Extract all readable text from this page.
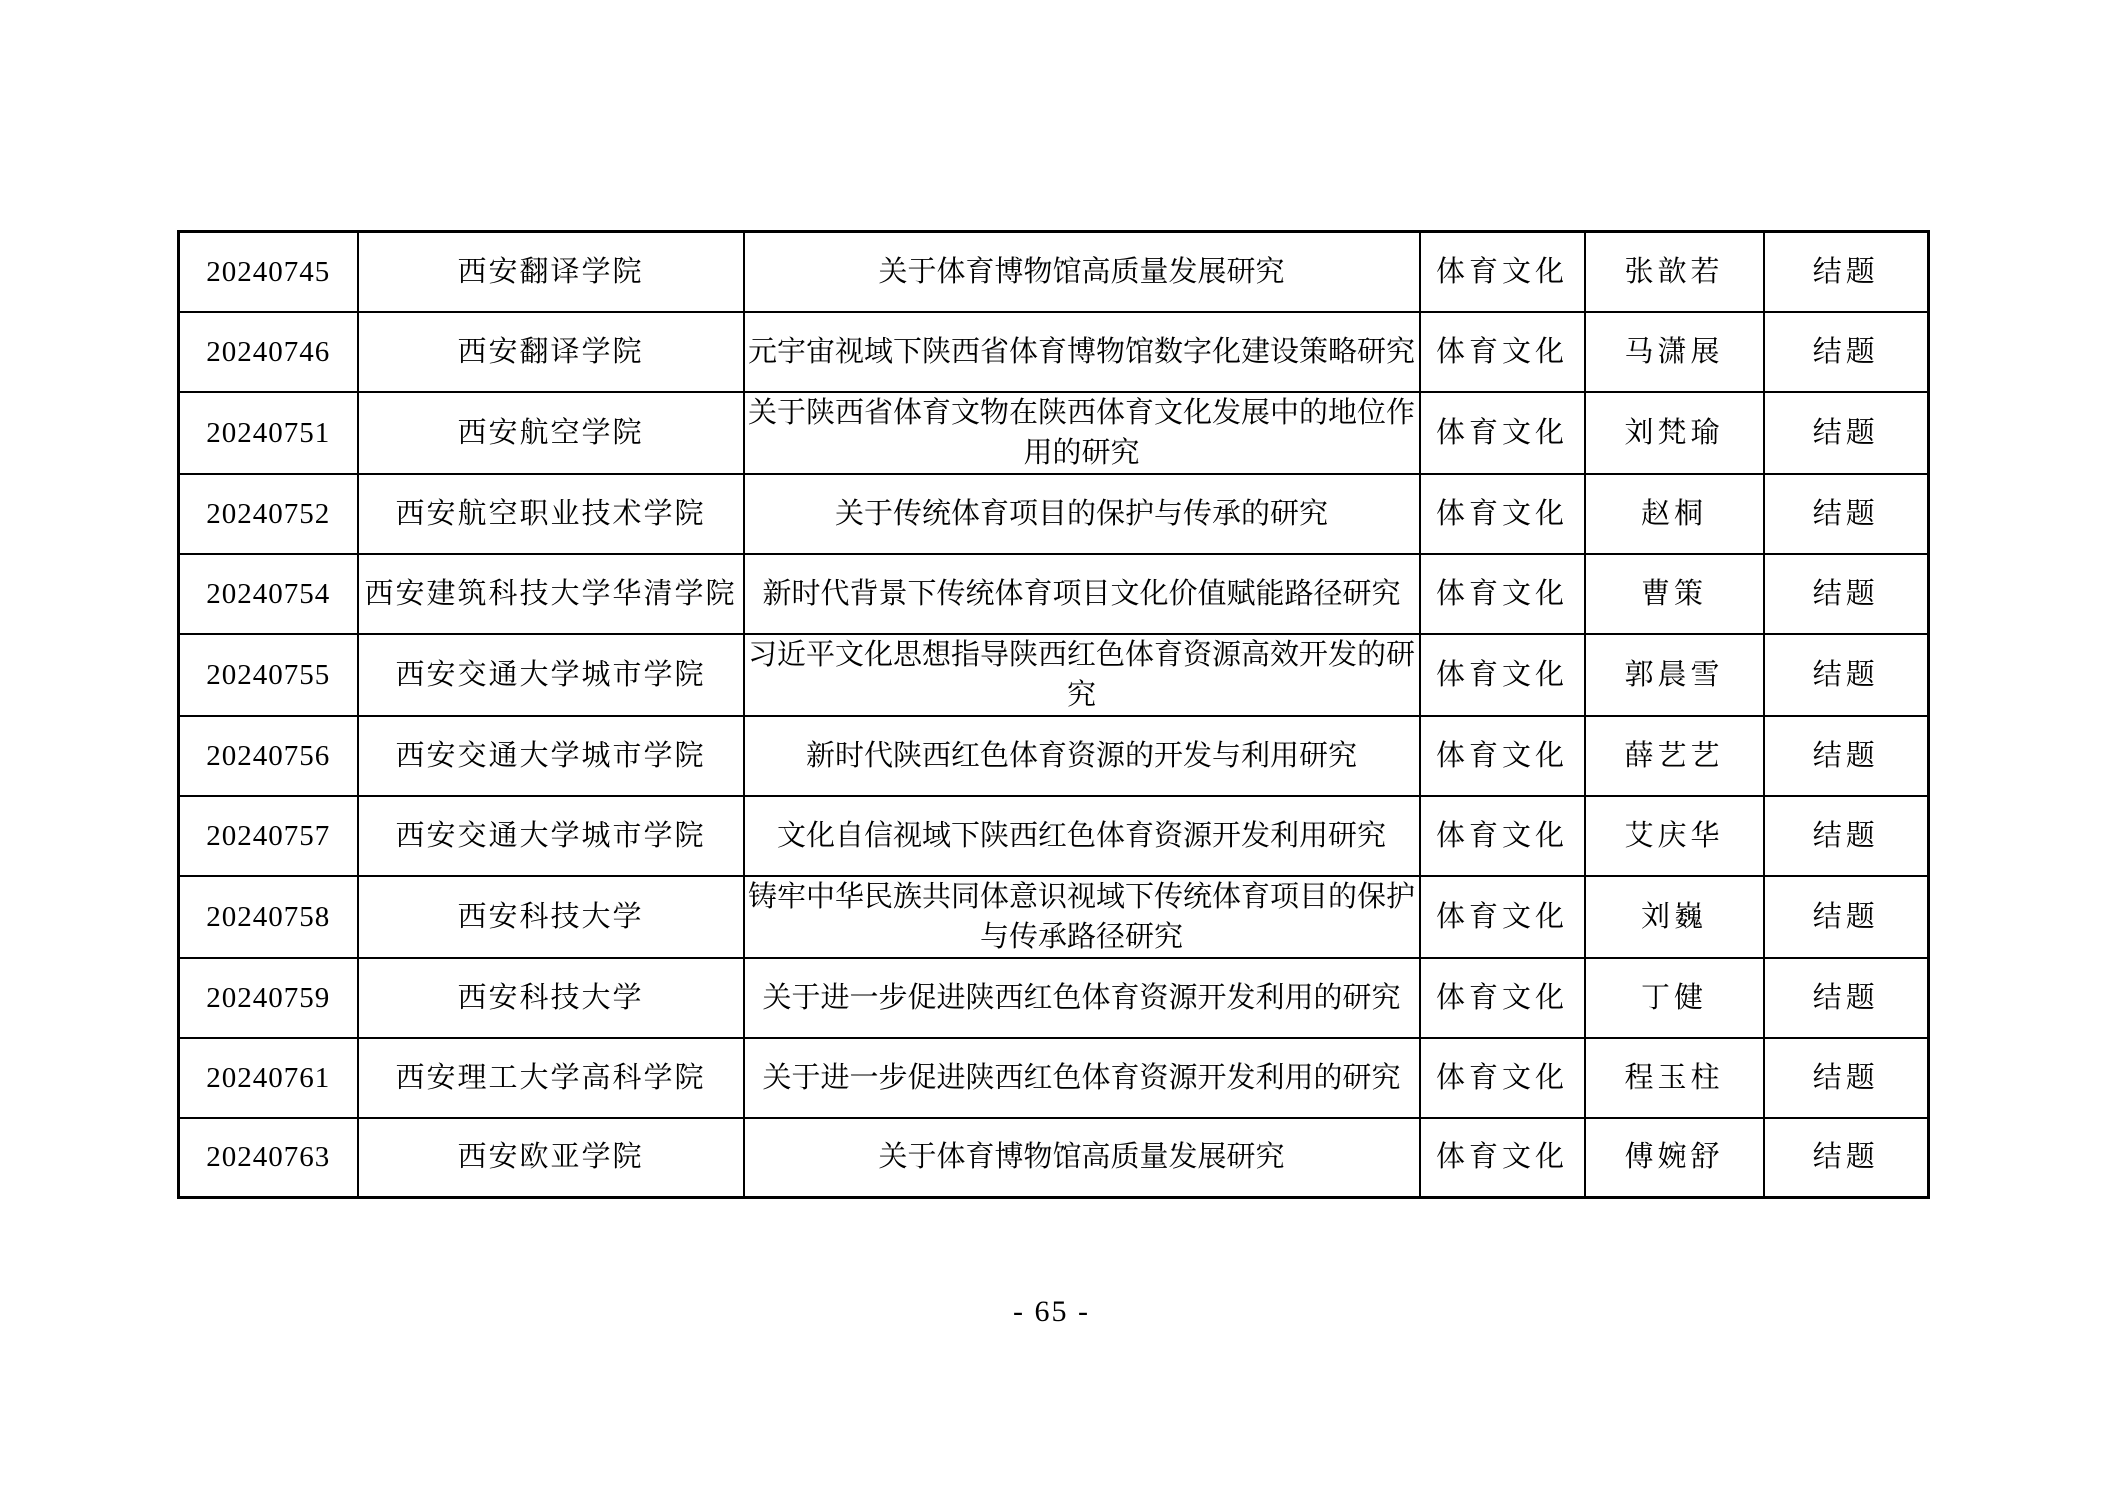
20240745	西安翻译学院	关于体育博物馆高质量发展研究	体育文化	张歆若	结题
20240746	西安翻译学院	元宇宙视域下陕西省体育博物馆数字化建设策略研究	体育文化	马潇展	结题
20240751	西安航空学院	关于陕西省体育文物在陕西体育文化发展中的地位作用的研究	体育文化	刘梵瑜	结题
20240752	西安航空职业技术学院	关于传统体育项目的保护与传承的研究	体育文化	赵桐	结题
20240754	西安建筑科技大学华清学院	新时代背景下传统体育项目文化价值赋能路径研究	体育文化	曹策	结题
20240755	西安交通大学城市学院	习近平文化思想指导陕西红色体育资源高效开发的研究	体育文化	郭晨雪	结题
20240756	西安交通大学城市学院	新时代陕西红色体育资源的开发与利用研究	体育文化	薛艺艺	结题
20240757	西安交通大学城市学院	文化自信视域下陕西红色体育资源开发利用研究	体育文化	艾庆华	结题
20240758	西安科技大学	铸牢中华民族共同体意识视域下传统体育项目的保护与传承路径研究	体育文化	刘巍	结题
20240759	西安科技大学	关于进一步促进陕西红色体育资源开发利用的研究	体育文化	丁健	结题
20240761	西安理工大学高科学院	关于进一步促进陕西红色体育资源开发利用的研究	体育文化	程玉柱	结题
20240763	西安欧亚学院	关于体育博物馆高质量发展研究	体育文化	傅婉舒	结题
- 65 -
